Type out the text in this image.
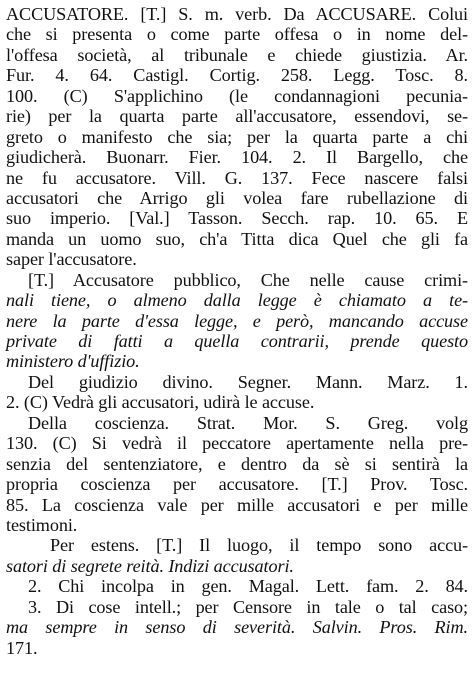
ACCUSATORE. [T.] S. m. verb. Da ACCUSARE. Colui
che si presenta o come parte offesa o in nome del-
l'offesa società, al tribunale e chiede giustizia. Ar.
Fur. 4. 64. Castigl. Cortig. 258. Legg. Tosc. 8.
100. (C) S'applichino (le condannagioni pecunia-
rie) per la quarta parte all'accusatore, essendovi, se-
greto o manifesto che sia; per la quarta parte a chi
giudicherà. Buonarr. Fier. 104. 2. Il Bargello, che
ne fu accusatore. Vill. G. 137. Fece nascere falsi
accusatori che Arrigo gli volea fare rubellazione di
suo imperio. [Val.] Tasson. Secch. rap. 10. 65. E
manda un uomo suo, ch'a Titta dica Quel che gli fa
saper l'accusatore.
[T.] Accusatore pubblico, Che nelle cause crimi-
nali tiene, o almeno dalla legge è chiamato a te-
nere la parte d'essa legge, e però, mancando accuse
private di fatti a quella contrarii, prende questo
ministero d'uffizio.
Del giudizio divino. Segner. Mann. Marz. 1.
2. (C) Vedrà gli accusatori, udirà le accuse.
Della coscienza. Strat. Mor. S. Greg. volg
130. (C) Si vedrà il peccatore apertamente nella pre-
senzia del sentenziatore, e dentro da sè si sentirà la
propria coscienza per accusatore. [T.] Prov. Tosc.
85. La coscienza vale per mille accusatori e per mille
testimoni.
Per estens. [T.] Il luogo, il tempo sono accu-
satori di segrete reità. Indizi accusatori.
2. Chi incolpa in gen. Magal. Lett. fam. 2. 84.
3. Di cose intell.; per Censore in tale o tal caso;
ma sempre in senso di severità. Salvin. Pros. Rim.
171.
